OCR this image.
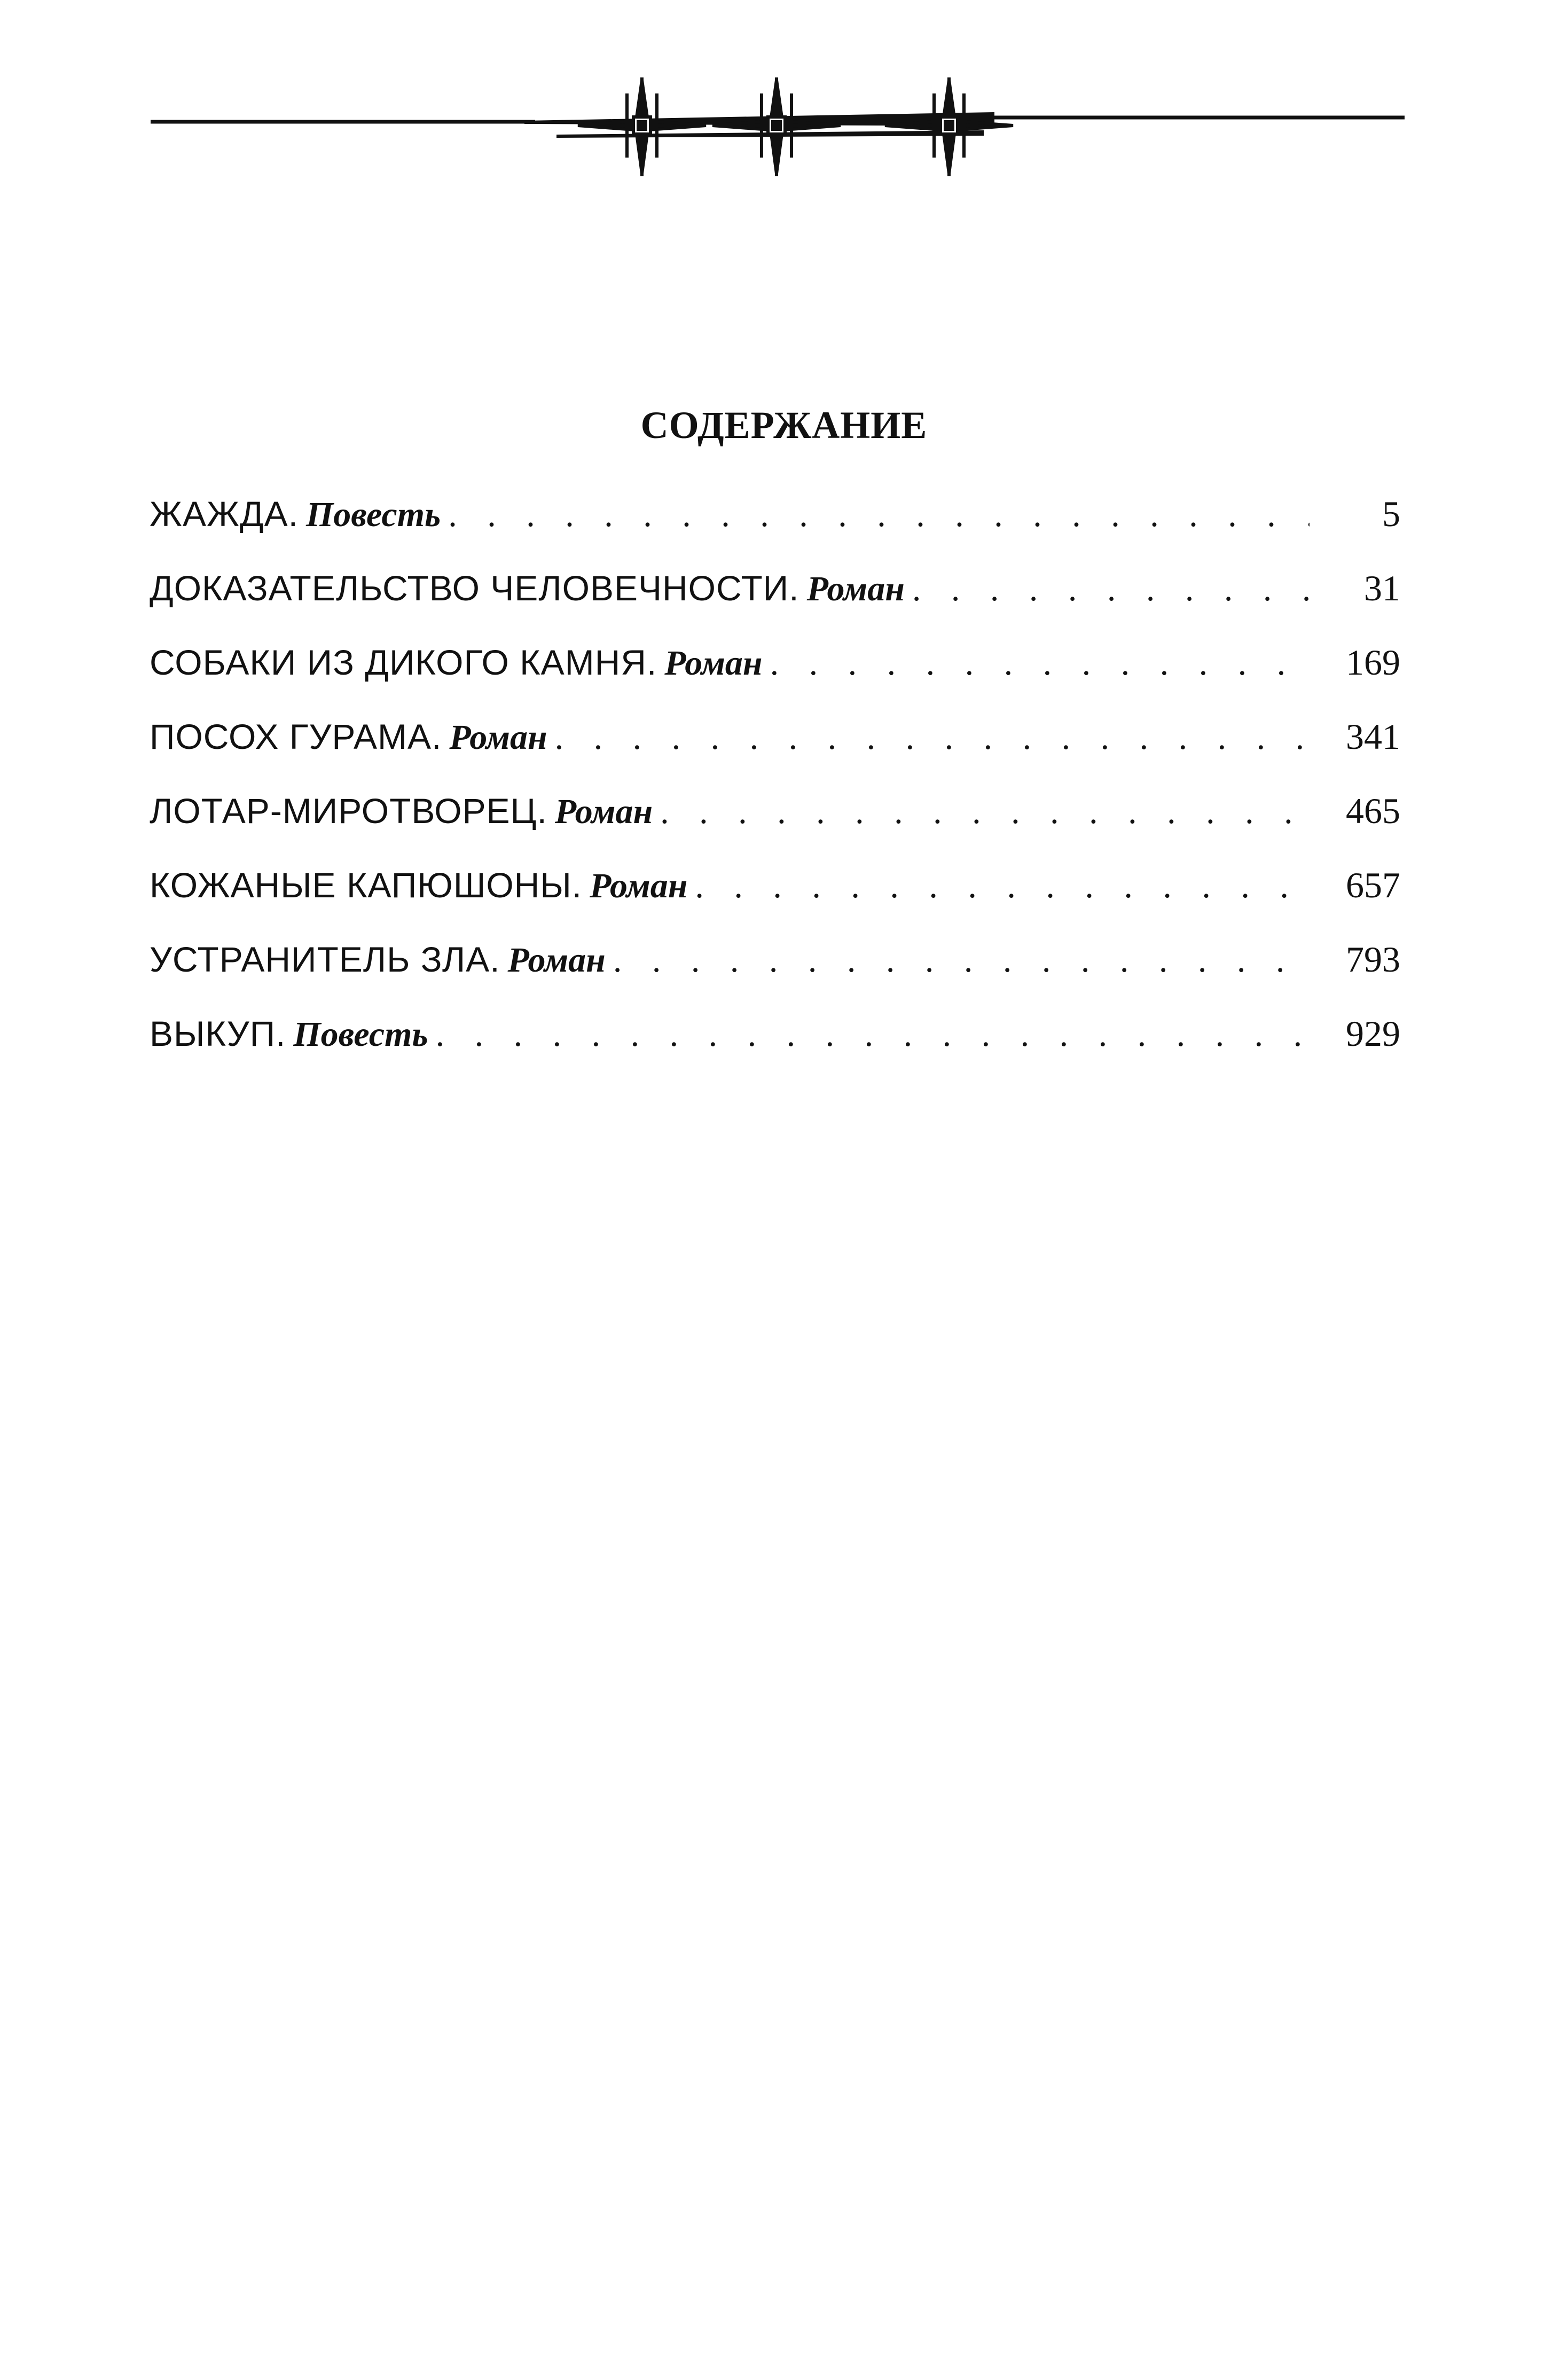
СОДЕРЖАНИЕ
ЖАЖДА. Повесть . . .	5
ДОКАЗАТЕЛЬСТВО ЧЕЛОВЕЧНОСТИ. Роман . . .	31
СОБАКИ ИЗ ДИКОГО КАМНЯ. Роман . . .	169
ПОСОХ ГУРАМА. Роман . . .	341
ЛОТАР-МИРОТВОРЕЦ. Роман . . .	465
КОЖАНЫЕ КАПЮШОНЫ. Роман . . .	657
УСТРАНИТЕЛЬ ЗЛА. Роман . . .	793
ВЫКУП. Повесть . . .	929
